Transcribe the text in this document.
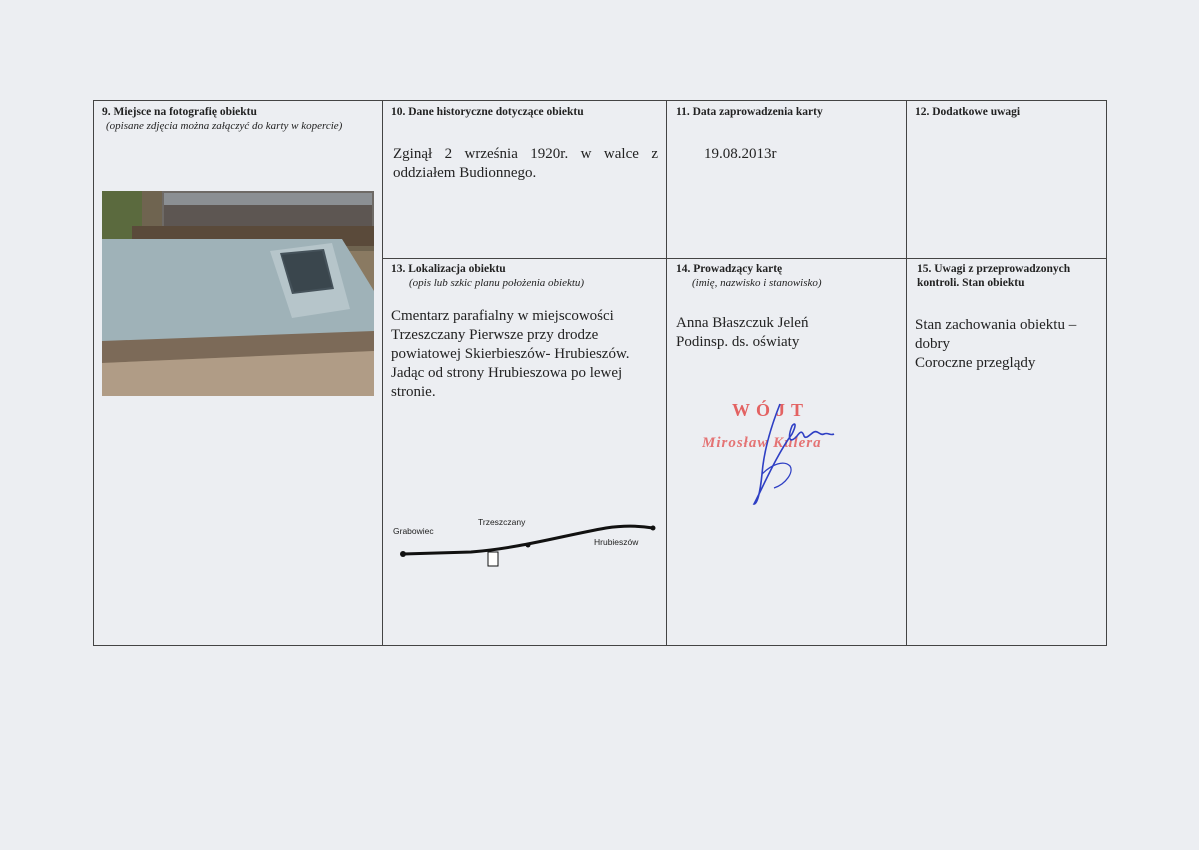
9. Miejsce na fotografię obiektu
(opisane zdjęcia można załączyć do karty w kopercie)
10. Dane historyczne dotyczące obiektu
Zginął 2 września 1920r. w walce z oddziałem Budionnego.
11. Data zaprowadzenia karty
19.08.2013r
12. Dodatkowe uwagi
13. Lokalizacja obiektu
(opis lub szkic planu położenia obiektu)
Cmentarz parafialny w miejscowości Trzeszczany Pierwsze przy drodze powiatowej Skierbieszów- Hrubieszów. Jadąc od strony Hrubieszowa po lewej stronie.
Grabowiec
Trzeszczany
Hrubieszów
14. Prowadzący kartę
(imię, nazwisko i stanowisko)
Anna Błaszczuk Jeleń
Podinsp. ds. oświaty
WÓJT
Mirosław Kulera
15. Uwagi z przeprowadzonych kontroli. Stan obiektu
Stan zachowania obiektu – dobry
Coroczne przeglądy
